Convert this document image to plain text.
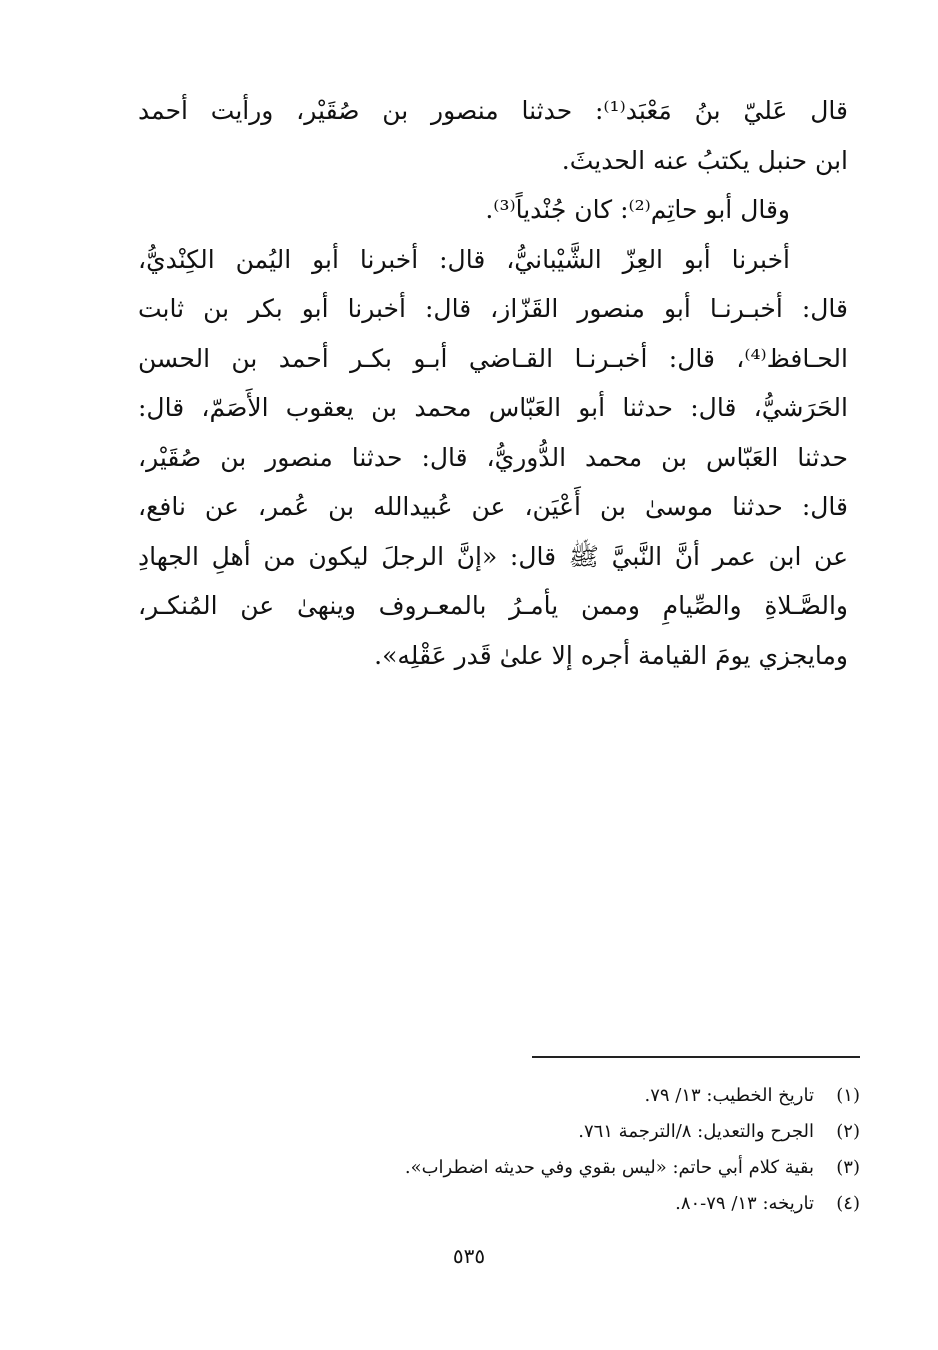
قال عَليّ بنُ مَعْبَد⁽¹⁾: حدثنا منصور بن صُقَيْر، ورأيت أحمد
ابن حنبل يكتبُ عنه الحديثَ.
وقال أبو حاتِم⁽²⁾: كان جُنْدياً⁽³⁾.
أخبرنا أبو العِزّ الشَّيْبانيُّ، قال: أخبرنا أبو اليُمن الكِنْديُّ،
قال: أخبـرنـا أبو منصور القَزّاز، قال: أخبرنا أبو بكر بن ثابت
الحـافظ⁽⁴⁾، قال: أخبـرنـا القـاضي أبـو بكـر أحمد بن الحسن
الحَرَشيُّ، قال: حدثنا أبو العَبّاس محمد بن يعقوب الأَصَمّ، قال:
حدثنا العَبّاس بن محمد الدُّوريُّ، قال: حدثنا منصور بن صُقَيْر،
قال: حدثنا موسىٰ بن أَعْيَن، عن عُبيدالله بن عُمر، عن نافع،
عن ابن عمر أنَّ النَّبيَّ ﷺ قال: «إنَّ الرجلَ ليكون من أهلِ الجهادِ
والصَّـلاةِ والصِّيامِ وممن يأمـرُ بالمعـروف وينهىٰ عن المُنكـر،
ومايجزي يومَ القيامة أجره إلا علىٰ قَدر عَقْلِه».
(١)
تاريخ الخطيب: ١٣/ ٧٩.
(٢)
الجرح والتعديل: ٨/الترجمة ٧٦١.
(٣)
بقية كلام أبي حاتم: «ليس بقوي وفي حديثه اضطراب».
(٤)
تاريخه: ١٣/ ٧٩-٨٠.
٥٣٥
